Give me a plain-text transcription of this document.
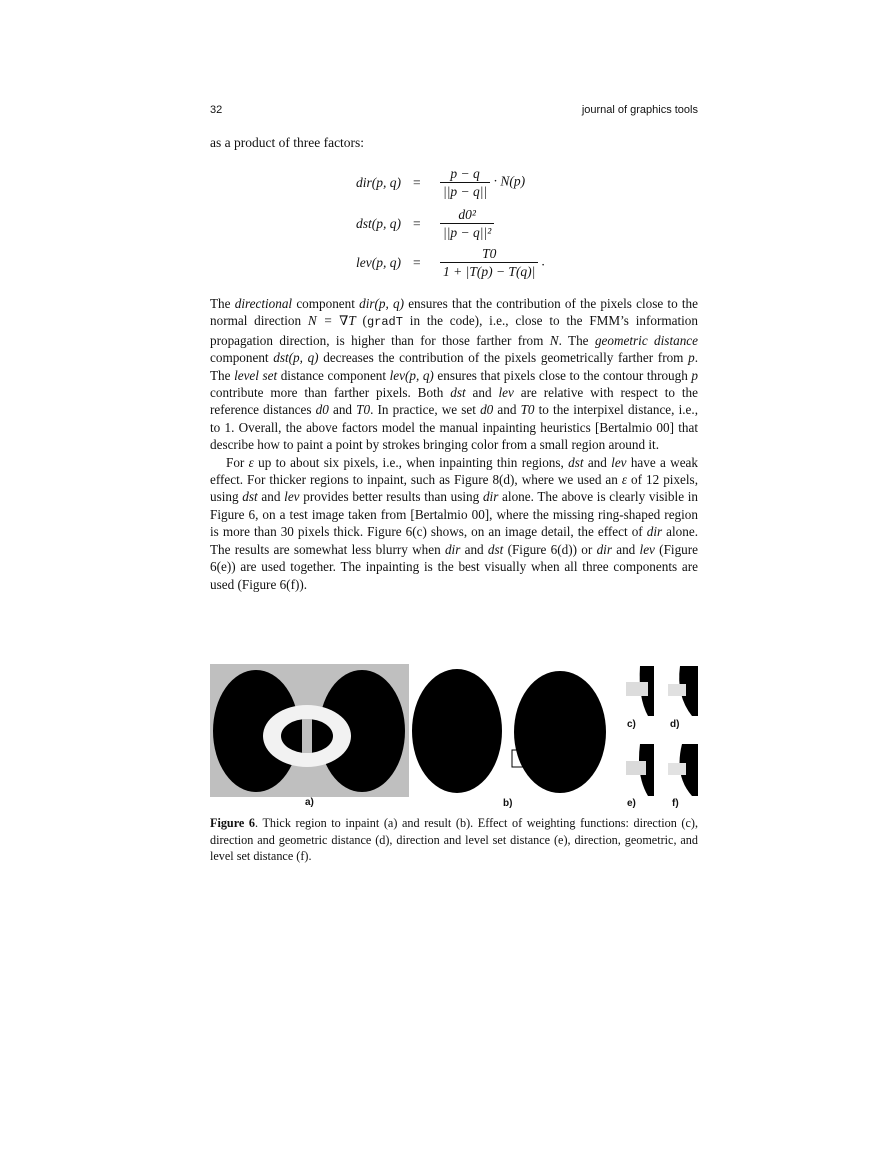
32	journal of graphics tools
as a product of three factors:
dir(p, $q) = \frac{p - q}{||p - q||} \cdot N(p)$
dst(p, $q) = \frac{\text{d0²}}{\text{||p − q||²}}$
lev(p, $q) = \frac{T0}{1 + |T(p) - T(q)|}$ .

The directional component dir(p, q) ensures that the contribution of the pixels close to the normal direction N = ∇T (gradT in the code), i.e., close to the FMM’s information propagation direction, is higher than for those farther from N. The geometric distance component dst(p, q) decreases the contribution of the pixels geometrically farther from p. The level set distance component lev(p, q) ensures that pixels close to the contour through p contribute more than farther pixels. Both dst and lev are relative with respect to the reference distances d0 and T0. In practice, we set d0 and T0 to the interpixel distance, i.e., to 1. Overall, the above factors model the manual inpainting heuristics [Bertalmio 00] that describe how to paint a point by strokes bringing color from a small region around it.

For ε up to about six pixels, i.e., when inpainting thin regions, dst and lev have a weak effect. For thicker regions to inpaint, such as Figure 8(d), where we used an ε of 12 pixels, using dst and lev provides better results than using dir alone. The above is clearly visible in Figure 6, on a test image taken from [Bertalmio 00], where the missing ring-shaped region is more than 30 pixels thick. Figure 6(c) shows, on an image detail, the effect of dir alone. The results are somewhat less blurry when dir and dst (Figure 6(d)) or dir and lev (Figure 6(e)) are used together. The inpainting is the best visually when all three components are used (Figure 6(f)).

a)	b)
c)	d)
e)	f)
Figure 6. Thick region to inpaint (a) and result (b). Effect of weighting functions: direction (c), direction and geometric distance (d), direction and level set distance (e), direction, geometric, and level set distance (f).
